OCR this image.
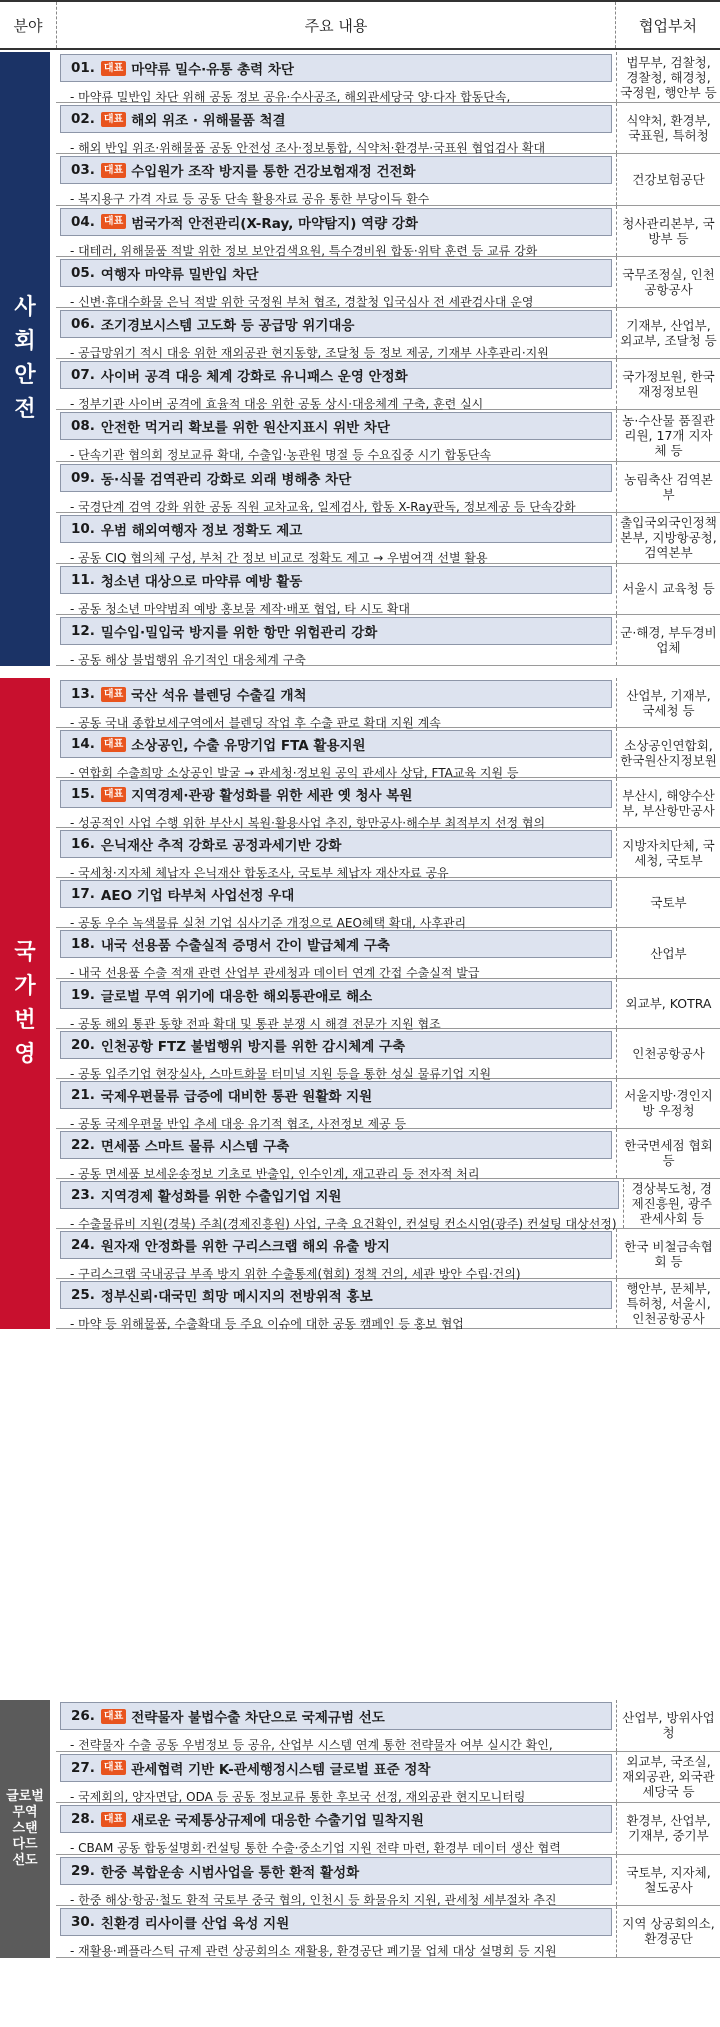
분야	주요 내용	협업부처
사
회
안
전
01. 대표 마약류 밀수·유통 총력 차단
- 마약류 밀반입 차단 위해 공동 정보 공유·수사공조, 해외관세당국 양·다자 합동단속,
법무부, 검찰청, 경찰청, 해경청, 국정원, 행안부 등
02. 대표 해외 위조 · 위해물품 척결
- 해외 반입 위조·위해물품 공동 안전성 조사·정보통합, 식약처·환경부·국표원 협업검사 확대
식약처, 환경부, 국표원, 특허청
03. 대표 수입원가 조작 방지를 통한 건강보험재정 건전화
- 복지용구 가격 자료 등 공동 단속 활용자료 공유 통한 부당이득 환수
건강보험공단
04. 대표 범국가적 안전관리(X-Ray, 마약탐지) 역량 강화
- 대테러, 위해물품 적발 위한 정보 보안검색요원, 특수경비원 합동·위탁 훈련 등 교류 강화
청사관리본부, 국방부 등
05. 여행자 마약류 밀반입 차단
- 신변·휴대수화물 은닉 적발 위한 국정원 부처 협조, 경찰청 입국심사 전 세관검사대 운영
국무조정실, 인천공항공사
06. 조기경보시스템 고도화 등 공급망 위기대응
- 공급망위기 적시 대응 위한 재외공관 현지동향, 조달청 등 정보 제공, 기재부 사후관리·지원
기재부, 산업부, 외교부, 조달청 등
07. 사이버 공격 대응 체계 강화로 유니패스 운영 안정화
- 정부기관 사이버 공격에 효율적 대응 위한 공동 상시·대응체계 구축, 훈련 실시
국가정보원, 한국재정정보원
08. 안전한 먹거리 확보를 위한 원산지표시 위반 차단
- 단속기관 협의회 정보교류 확대, 수출입·농관원 명절 등 수요집중 시기 합동단속
농·수산물 품질관리원, 17개 지자체 등
09. 동·식물 검역관리 강화로 외래 병해충 차단
- 국경단계 검역 강화 위한 공동 직원 교차교육, 일제검사, 합동 X-Ray판독, 정보제공 등 단속강화
농림축산 검역본부
10. 우범 해외여행자 정보 정확도 제고
- 공동 CIQ 협의체 구성, 부처 간 정보 비교로 정확도 제고 → 우범여객 선별 활용
출입국외국인정책본부, 지방항공청, 검역본부
11. 청소년 대상으로 마약류 예방 활동
- 공동 청소년 마약범죄 예방 홍보물 제작·배포 협업, 타 시도 확대
서울시 교육청 등
12. 밀수입·밀입국 방지를 위한 항만 위험관리 강화
- 공동 해상 불법행위 유기적인 대응체계 구축
군·해경, 부두경비업체
국
가
번
영
13. 대표 국산 석유 블렌딩 수출길 개척
- 공동 국내 종합보세구역에서 블렌딩 작업 후 수출 판로 확대 지원 계속
산업부, 기재부, 국세청 등
14. 대표 소상공인, 수출 유망기업 FTA 활용지원
- 연합회 수출희망 소상공인 발굴 → 관세청·정보원 공익 관세사 상담, FTA교육 지원 등
소상공인연합회, 한국원산지정보원
15. 대표 지역경제·관광 활성화를 위한 세관 옛 청사 복원
- 성공적인 사업 수행 위한 부산시 복원·활용사업 추진, 항만공사·해수부 최적부지 선정 협의
부산시, 해양수산부, 부산항만공사
16. 은닉재산 추적 강화로 공정과세기반 강화
- 국세청·지자체 체납자 은닉재산 합동조사, 국토부 체납자 재산자료 공유
지방자치단체, 국세청, 국토부
17. AEO 기업 타부처 사업선정 우대
- 공동 우수 녹색물류 실천 기업 심사기준 개정으로 AEO혜택 확대, 사후관리
국토부
18. 내국 선용품 수출실적 증명서 간이 발급체계 구축
- 내국 선용품 수출 적재 관련 산업부 관세청과 데이터 연계 간접 수출실적 발급
산업부
19. 글로벌 무역 위기에 대응한 해외통관애로 해소
- 공동 해외 통관 동향 전파 확대 및 통관 분쟁 시 해결 전문가 지원 협조
외교부, KOTRA
20. 인천공항 FTZ 불법행위 방지를 위한 감시체계 구축
- 공동 입주기업 현장실사, 스마트화물 터미널 지원 등을 통한 성실 물류기업 지원
인천공항공사
21. 국제우편물류 급증에 대비한 통관 원활화 지원
- 공동 국제우편물 반입 추세 대응 유기적 협조, 사전정보 제공 등
서울지방·경인지방 우정청
22. 면세품 스마트 물류 시스템 구축
- 공동 면세품 보세운송정보 기초로 반출입, 인수인계, 재고관리 등 전자적 처리
한국면세점 협회 등
23. 지역경제 활성화를 위한 수출입기업 지원
- 수출물류비 지원(경북) 주최(경제진흥원) 사업, 구축 요건확인, 컨설팅 컨소시엄(광주) 컨설팅 대상선정)
경상북도청, 경제진흥원, 광주관세사회 등
24. 원자재 안정화를 위한 구리스크랩 해외 유출 방지
- 구리스크랩 국내공급 부족 방지 위한 수출통제(협회) 정책 건의, 세관 방안 수립·건의)
한국 비철금속협회 등
25. 정부신뢰·대국민 희망 메시지의 전방위적 홍보
- 마약 등 위해물품, 수출확대 등 주요 이슈에 대한 공동 캠페인 등 홍보 협업
행안부, 문체부, 특허청, 서울시, 인천공항공사
글로벌
무역
스탠
다드
선도
26. 대표 전략물자 불법수출 차단으로 국제규범 선도
- 전략물자 수출 공동 우범정보 등 공유, 산업부 시스템 연계 통한 전략물자 여부 실시간 확인,
산업부, 방위사업청
27. 대표 관세협력 기반 K-관세행정시스템 글로벌 표준 정착
- 국제회의, 양자면담, ODA 등 공동 정보교류 통한 후보국 선정, 재외공관 현지모니터링
외교부, 국조실, 재외공관, 외국관세당국 등
28. 대표 새로운 국제통상규제에 대응한 수출기업 밀착지원
- CBAM 공동 합동설명회·컨설팅 통한 수출·중소기업 지원 전략 마련, 환경부 데이터 생산 협력
환경부, 산업부, 기재부, 중기부
29. 한중 복합운송 시범사업을 통한 환적 활성화
- 한중 해상·항공·철도 환적 국토부 중국 협의, 인천시 등 화물유치 지원, 관세청 세부절차 추진
국토부, 지자체, 철도공사
30. 친환경 리사이클 산업 육성 지원
- 재활용·폐플라스틱 규제 관련 상공회의소 재활용, 환경공단 폐기물 업체 대상 설명회 등 지원
지역 상공회의소, 환경공단
